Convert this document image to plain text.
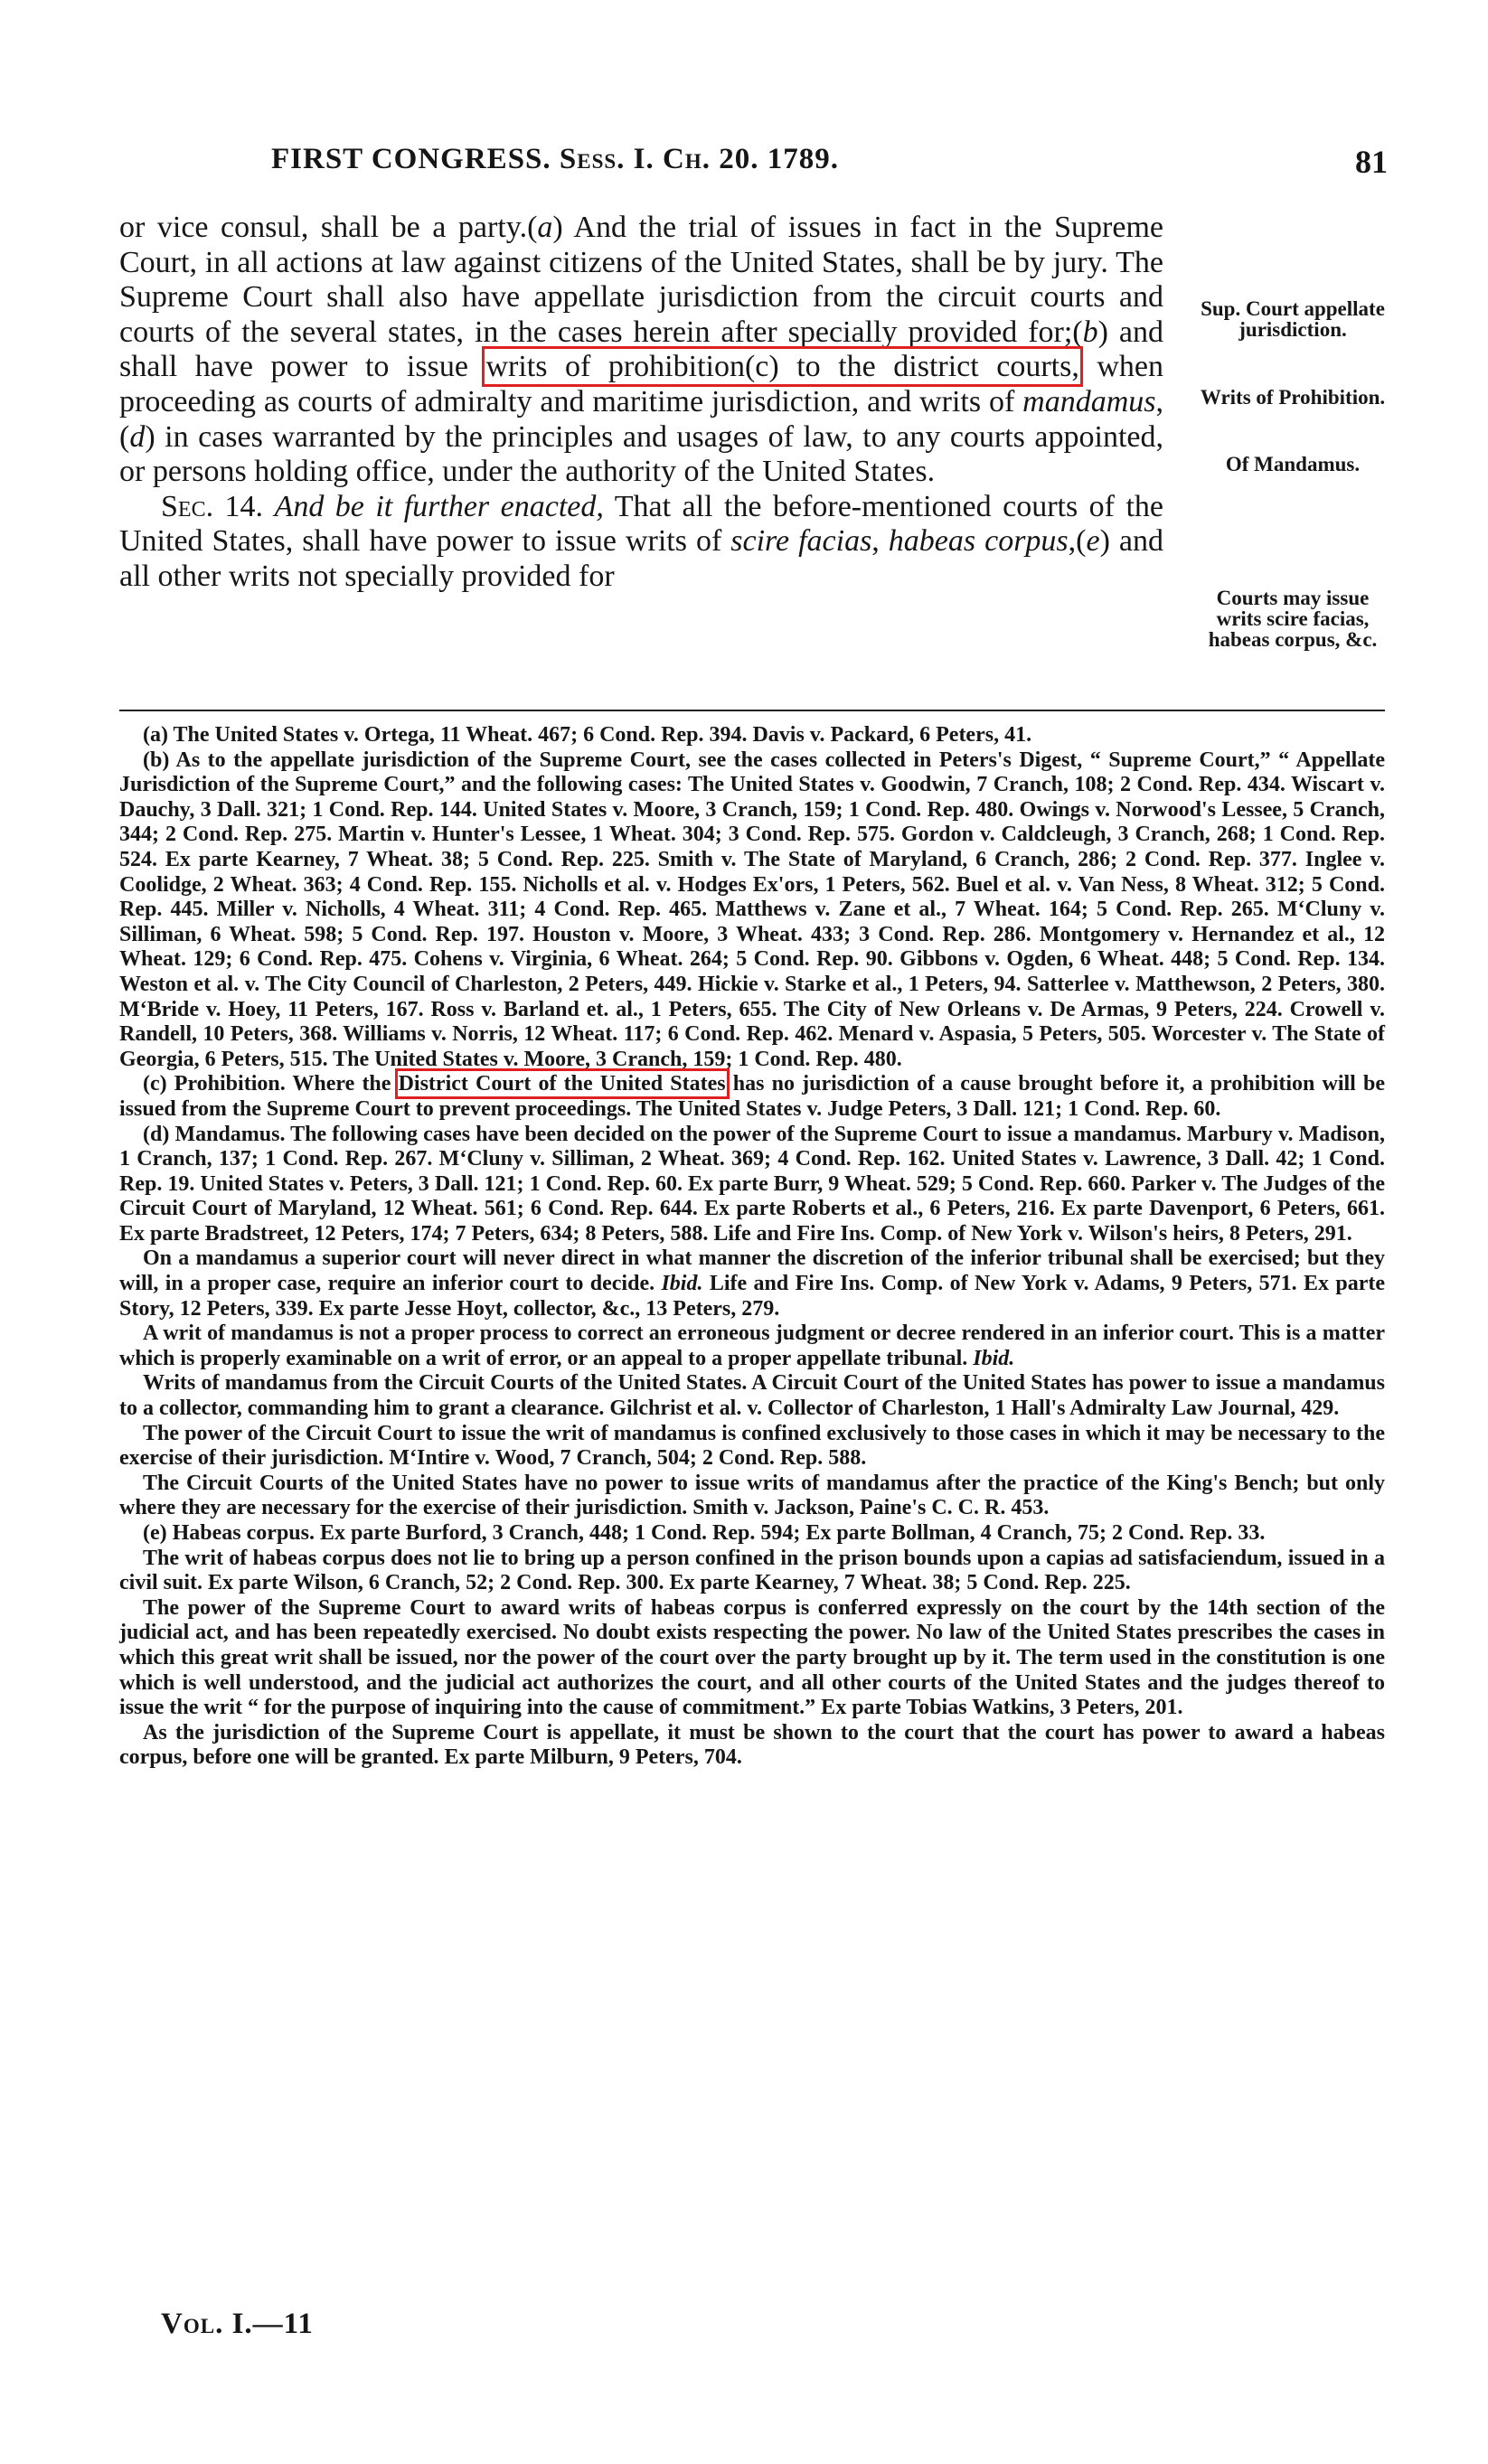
FIRST CONGRESS. Sess. I. Ch. 20. 1789.	81

or vice consul, shall be a party.(a) And the trial of issues in fact in the Supreme Court, in all actions at law against citizens of the United States, shall be by jury. The Supreme Court shall also have appellate jurisdiction from the circuit courts and courts of the several states, in the cases herein after specially provided for;(b) and shall have power to issue writs of prohibition(c) to the district courts, when proceeding as courts of admiralty and maritime jurisdiction, and writs of mandamus,(d) in cases warranted by the principles and usages of law, to any courts appointed, or persons holding office, under the authority of the United States.

Sec. 14. And be it further enacted, That all the before-mentioned courts of the United States, shall have power to issue writs of scire facias, habeas corpus,(e) and all other writs not specially provided for

Sup. Court appellate jurisdiction.
Writs of Prohibition.
Of Mandamus.
Courts may issue writs scire facias, habeas corpus, &c.

(a) The United States v. Ortega, 11 Wheat. 467; 6 Cond. Rep. 394. Davis v. Packard, 6 Peters, 41.

(b) As to the appellate jurisdiction of the Supreme Court, see the cases collected in Peters's Digest, “ Supreme Court,” “ Appellate Jurisdiction of the Supreme Court,” and the following cases: The United States v. Goodwin, 7 Cranch, 108; 2 Cond. Rep. 434. Wiscart v. Dauchy, 3 Dall. 321; 1 Cond. Rep. 144. United States v. Moore, 3 Cranch, 159; 1 Cond. Rep. 480. Owings v. Norwood's Lessee, 5 Cranch, 344; 2 Cond. Rep. 275. Martin v. Hunter's Lessee, 1 Wheat. 304; 3 Cond. Rep. 575. Gordon v. Caldcleugh, 3 Cranch, 268; 1 Cond. Rep. 524. Ex parte Kearney, 7 Wheat. 38; 5 Cond. Rep. 225. Smith v. The State of Maryland, 6 Cranch, 286; 2 Cond. Rep. 377. Inglee v. Coolidge, 2 Wheat. 363; 4 Cond. Rep. 155. Nicholls et al. v. Hodges Ex'ors, 1 Peters, 562. Buel et al. v. Van Ness, 8 Wheat. 312; 5 Cond. Rep. 445. Miller v. Nicholls, 4 Wheat. 311; 4 Cond. Rep. 465. Matthews v. Zane et al., 7 Wheat. 164; 5 Cond. Rep. 265. M‘Cluny v. Silliman, 6 Wheat. 598; 5 Cond. Rep. 197. Houston v. Moore, 3 Wheat. 433; 3 Cond. Rep. 286. Montgomery v. Hernandez et al., 12 Wheat. 129; 6 Cond. Rep. 475. Cohens v. Virginia, 6 Wheat. 264; 5 Cond. Rep. 90. Gibbons v. Ogden, 6 Wheat. 448; 5 Cond. Rep. 134. Weston et al. v. The City Council of Charleston, 2 Peters, 449. Hickie v. Starke et al., 1 Peters, 94. Satterlee v. Matthewson, 2 Peters, 380. M‘Bride v. Hoey, 11 Peters, 167. Ross v. Barland et. al., 1 Peters, 655. The City of New Orleans v. De Armas, 9 Peters, 224. Crowell v. Randell, 10 Peters, 368. Williams v. Norris, 12 Wheat. 117; 6 Cond. Rep. 462. Menard v. Aspasia, 5 Peters, 505. Worcester v. The State of Georgia, 6 Peters, 515. The United States v. Moore, 3 Cranch, 159; 1 Cond. Rep. 480.

(c) Prohibition. Where the District Court of the United States has no jurisdiction of a cause brought before it, a prohibition will be issued from the Supreme Court to prevent proceedings. The United States v. Judge Peters, 3 Dall. 121; 1 Cond. Rep. 60.

(d) Mandamus. The following cases have been decided on the power of the Supreme Court to issue a mandamus. Marbury v. Madison, 1 Cranch, 137; 1 Cond. Rep. 267. M‘Cluny v. Silliman, 2 Wheat. 369; 4 Cond. Rep. 162. United States v. Lawrence, 3 Dall. 42; 1 Cond. Rep. 19. United States v. Peters, 3 Dall. 121; 1 Cond. Rep. 60. Ex parte Burr, 9 Wheat. 529; 5 Cond. Rep. 660. Parker v. The Judges of the Circuit Court of Maryland, 12 Wheat. 561; 6 Cond. Rep. 644. Ex parte Roberts et al., 6 Peters, 216. Ex parte Davenport, 6 Peters, 661. Ex parte Bradstreet, 12 Peters, 174; 7 Peters, 634; 8 Peters, 588. Life and Fire Ins. Comp. of New York v. Wilson's heirs, 8 Peters, 291.

On a mandamus a superior court will never direct in what manner the discretion of the inferior tribunal shall be exercised; but they will, in a proper case, require an inferior court to decide. Ibid. Life and Fire Ins. Comp. of New York v. Adams, 9 Peters, 571. Ex parte Story, 12 Peters, 339. Ex parte Jesse Hoyt, collector, &c., 13 Peters, 279.

A writ of mandamus is not a proper process to correct an erroneous judgment or decree rendered in an inferior court. This is a matter which is properly examinable on a writ of error, or an appeal to a proper appellate tribunal. Ibid.

Writs of mandamus from the Circuit Courts of the United States. A Circuit Court of the United States has power to issue a mandamus to a collector, commanding him to grant a clearance. Gilchrist et al. v. Collector of Charleston, 1 Hall's Admiralty Law Journal, 429.

The power of the Circuit Court to issue the writ of mandamus is confined exclusively to those cases in which it may be necessary to the exercise of their jurisdiction. M‘Intire v. Wood, 7 Cranch, 504; 2 Cond. Rep. 588.

The Circuit Courts of the United States have no power to issue writs of mandamus after the practice of the King's Bench; but only where they are necessary for the exercise of their jurisdiction. Smith v. Jackson, Paine's C. C. R. 453.

(e) Habeas corpus. Ex parte Burford, 3 Cranch, 448; 1 Cond. Rep. 594; Ex parte Bollman, 4 Cranch, 75; 2 Cond. Rep. 33.

The writ of habeas corpus does not lie to bring up a person confined in the prison bounds upon a capias ad satisfaciendum, issued in a civil suit. Ex parte Wilson, 6 Cranch, 52; 2 Cond. Rep. 300. Ex parte Kearney, 7 Wheat. 38; 5 Cond. Rep. 225.

The power of the Supreme Court to award writs of habeas corpus is conferred expressly on the court by the 14th section of the judicial act, and has been repeatedly exercised. No doubt exists respecting the power. No law of the United States prescribes the cases in which this great writ shall be issued, nor the power of the court over the party brought up by it. The term used in the constitution is one which is well understood, and the judicial act authorizes the court, and all other courts of the United States and the judges thereof to issue the writ “ for the purpose of inquiring into the cause of commitment.” Ex parte Tobias Watkins, 3 Peters, 201.

As the jurisdiction of the Supreme Court is appellate, it must be shown to the court that the court has power to award a habeas corpus, before one will be granted. Ex parte Milburn, 9 Peters, 704.

Vol. I.—11
